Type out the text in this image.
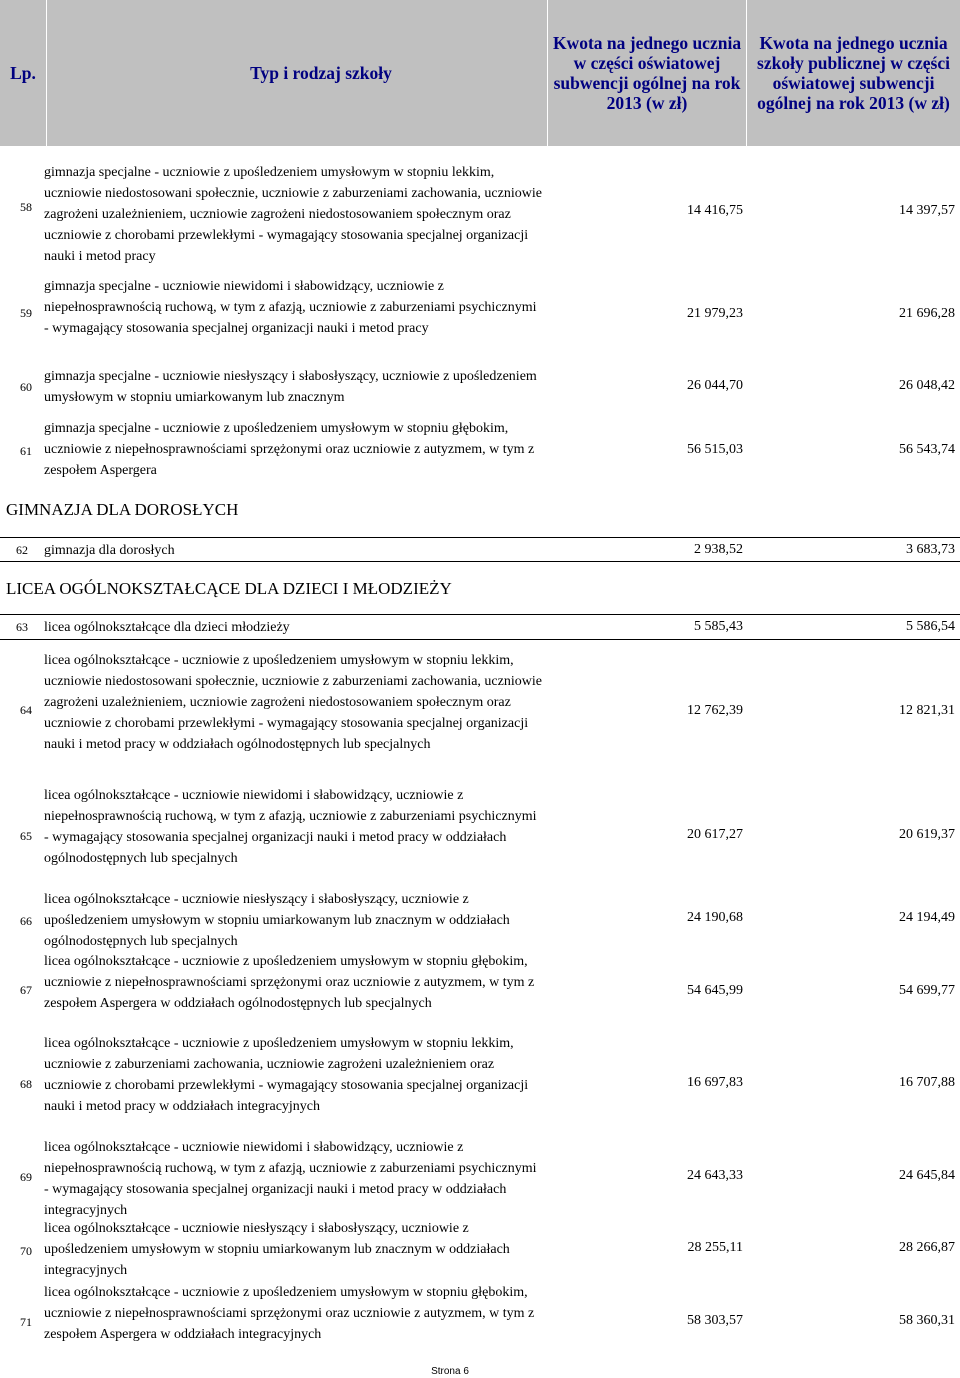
Lp.	Typ i rodzaj szkoły
Kwota na jednego ucznia w części oświatowej subwencji ogólnej na rok 2013 (w zł)
Kwota na jednego ucznia szkoły publicznej w części oświatowej subwencji ogólnej na rok 2013 (w zł)
58
gimnazja specjalne - uczniowie z upośledzeniem umysłowym w stopniu lekkim, uczniowie niedostosowani społecznie, uczniowie z zaburzeniami zachowania, uczniowie zagrożeni uzależnieniem, uczniowie zagrożeni niedostosowaniem społecznym oraz uczniowie z chorobami przewlekłymi - wymagający stosowania specjalnej organizacji nauki i metod pracy
14 416,75	14 397,57
59
gimnazja specjalne - uczniowie niewidomi i słabowidzący, uczniowie z niepełnosprawnością ruchową, w tym z afazją, uczniowie z zaburzeniami psychicznymi - wymagający stosowania specjalnej organizacji nauki i metod pracy
21 979,23	21 696,28
60
gimnazja specjalne - uczniowie niesłyszący i słabosłyszący, uczniowie z upośledzeniem umysłowym w stopniu umiarkowanym lub znacznym
26 044,70	26 048,42
61
gimnazja specjalne - uczniowie z upośledzeniem umysłowym w stopniu głębokim, uczniowie z niepełnosprawnościami sprzężonymi oraz uczniowie z autyzmem, w tym z zespołem Aspergera
56 515,03	56 543,74
GIMNAZJA DLA DOROSŁYCH
62 gimnazja dla dorosłych	2 938,52	3 683,73
LICEA OGÓLNOKSZTAŁCĄCE DLA DZIECI I MŁODZIEŻY
63 licea ogólnokształcące dla dzieci młodzieży	5 585,43	5 586,54
64
licea ogólnokształcące - uczniowie z upośledzeniem umysłowym w stopniu lekkim, uczniowie niedostosowani społecznie, uczniowie z zaburzeniami zachowania, uczniowie zagrożeni uzależnieniem, uczniowie zagrożeni niedostosowaniem społecznym oraz uczniowie z chorobami przewlekłymi - wymagający stosowania specjalnej organizacji nauki i metod pracy w oddziałach ogólnodostępnych lub specjalnych
12 762,39	12 821,31
65
licea ogólnokształcące - uczniowie niewidomi i słabowidzący, uczniowie z niepełnosprawnością ruchową, w tym z afazją, uczniowie z zaburzeniami psychicznymi - wymagający stosowania specjalnej organizacji nauki i metod pracy w oddziałach ogólnodostępnych lub specjalnych
20 617,27	20 619,37
66
licea ogólnokształcące - uczniowie niesłyszący i słabosłyszący, uczniowie z upośledzeniem umysłowym w stopniu umiarkowanym lub znacznym w oddziałach ogólnodostępnych lub specjalnych
24 190,68	24 194,49
67
licea ogólnokształcące - uczniowie z upośledzeniem umysłowym w stopniu głębokim, uczniowie z niepełnosprawnościami sprzężonymi oraz uczniowie z autyzmem, w tym z zespołem Aspergera w oddziałach ogólnodostępnych lub specjalnych
54 645,99	54 699,77
68
licea ogólnokształcące - uczniowie z upośledzeniem umysłowym w stopniu lekkim, uczniowie z zaburzeniami zachowania, uczniowie zagrożeni uzależnieniem oraz uczniowie z chorobami przewlekłymi - wymagający stosowania specjalnej organizacji nauki i metod pracy w oddziałach integracyjnych
16 697,83	16 707,88
69
licea ogólnokształcące - uczniowie niewidomi i słabowidzący, uczniowie z niepełnosprawnością ruchową, w tym z afazją, uczniowie z zaburzeniami psychicznymi - wymagający stosowania specjalnej organizacji nauki i metod pracy w oddziałach integracyjnych
24 643,33	24 645,84
70
licea ogólnokształcące - uczniowie niesłyszący i słabosłyszący, uczniowie z upośledzeniem umysłowym w stopniu umiarkowanym lub znacznym w oddziałach integracyjnych
28 255,11	28 266,87
71
licea ogólnokształcące - uczniowie z upośledzeniem umysłowym w stopniu głębokim, uczniowie z niepełnosprawnościami sprzężonymi oraz uczniowie z autyzmem, w tym z zespołem Aspergera w oddziałach integracyjnych
58 303,57	58 360,31
Strona 6
